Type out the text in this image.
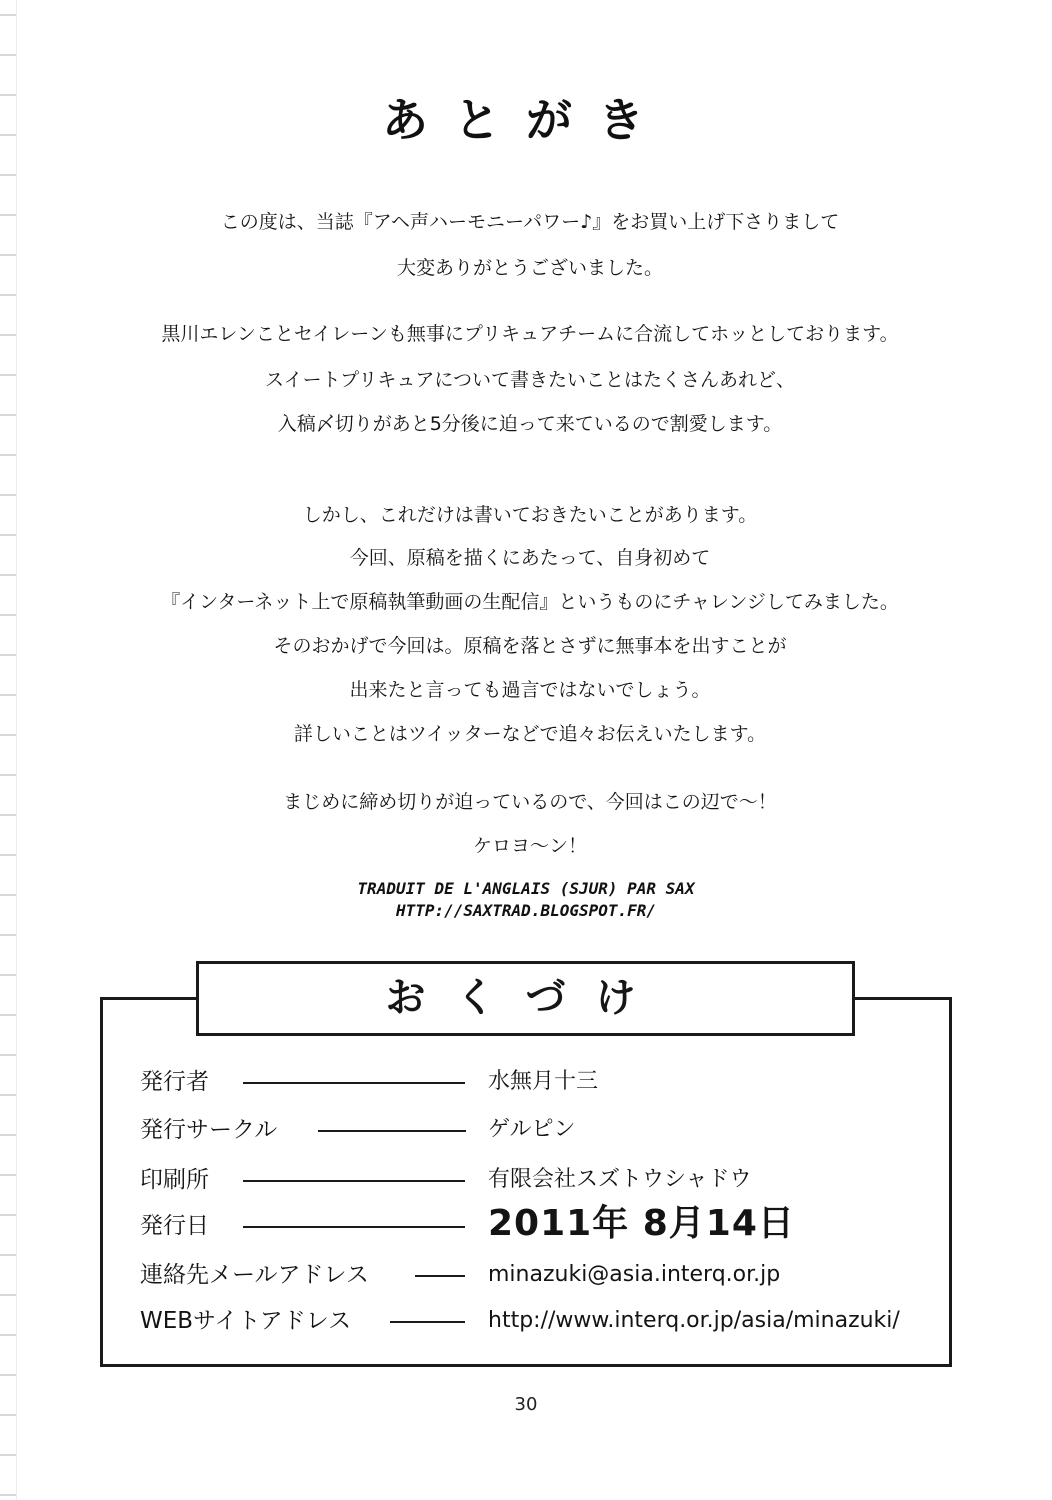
あとがき
この度は、当誌『アヘ声ハーモニーパワー♪』をお買い上げ下さりまして
大変ありがとうございました。
黒川エレンことセイレーンも無事にプリキュアチームに合流してホッとしております。
スイートプリキュアについて書きたいことはたくさんあれど、
入稿〆切りがあと5分後に迫って来ているので割愛します。
しかし、これだけは書いておきたいことがあります。
今回、原稿を描くにあたって、自身初めて
『インターネット上で原稿執筆動画の生配信』というものにチャレンジしてみました。
そのおかげで今回は。原稿を落とさずに無事本を出すことが
出来たと言っても過言ではないでしょう。
詳しいことはツイッターなどで追々お伝えいたします。
まじめに締め切りが迫っているので、今回はこの辺で〜！
ケロヨ〜ン！
TRADUIT DE L'ANGLAIS (SJUR) PAR SAX
HTTP://SAXTRAD.BLOGSPOT.FR/
おくづけ
発行者	水無月十三
発行サークル	ゲルピン
印刷所	有限会社スズトウシャドウ
発行日	2011年 8月14日
連絡先メールアドレス	minazuki@asia.interq.or.jp
WEBサイトアドレス	http://www.interq.or.jp/asia/minazuki/
30
